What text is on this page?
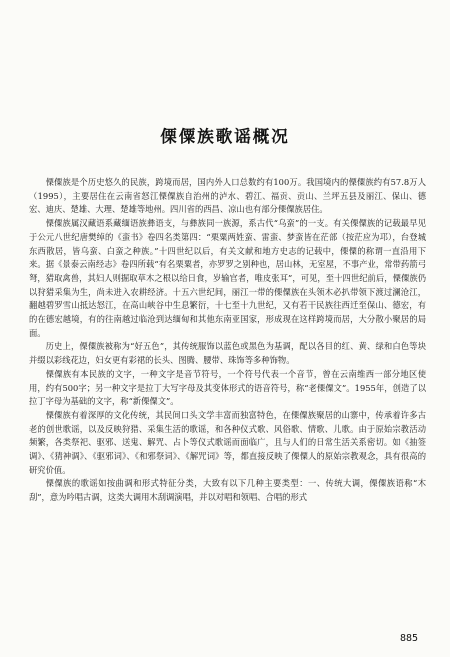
傈僳族歌谣概况

傈僳族是个历史悠久的民族，跨境而居，国内外人口总数约有100万。我国境内的傈僳族约有57.8万人（1995），主要居住在云南省怒江傈僳族自治州的泸水、碧江、福贡、贡山、兰坪五县及丽江、保山、德宏、迪庆、楚雄、大理、楚雄等地州。四川省的西昌、凉山也有部分傈僳族居住。

傈僳族属汉藏语系藏缅语族彝语支，与彝族同一族源，系古代“乌蛮”的一支。有关傈僳族的记载最早见于公元八世纪唐樊绰的《蛮书》卷四名类第四：“栗粟两姓蛮、雷蛮、梦蛮皆在茫部（按茫应为邛），台登城东西散居，皆乌蛮、白蛮之种族。”十四世纪以后，有关文献和地方史志的记载中，傈僳的称谓一直沿用下来。据《景泰云南经志》卷四所载“有名栗粟者，亦罗罗之别种也，居山林，无室屋，不事产业，常带药箭弓弩，猎取禽兽，其妇人则掘取草木之根以给日食，岁输官者，唯皮张耳”，可见，至十四世纪前后，傈僳族仍以狩猎采集为生，尚未进入农耕经济。十五六世纪间，丽江一带的傈僳族在头领木必扒带领下渡过澜沧江，翻越碧罗雪山抵达怒江，在高山峡谷中生息繁衍，十七至十九世纪，又有若干民族往西迁至保山、德宏，有的在德宏越境，有的往南越过临沧到达缅甸和其他东南亚国家，形成现在这样跨境而居，大分散小聚居的局面。

历史上，傈僳族被称为“好五色”，其传统服饰以蓝色或黑色为基调，配以各目的红、黄、绿和白色等块并缀以彩线花边，妇女更有彩裙的长头、图腾、腰带、珠饰等多种饰物。

傈僳族有本民族的文字，一种文字是音节符号，一个符号代表一个音节，曾在云南维西一部分地区使用，约有500字；另一种文字是拉丁大写字母及其变体形式的语音符号，称“老傈僳文”。1955年，创造了以拉丁字母为基础的文字，称“新傈僳文”。

傈僳族有着深厚的文化传统，其民间口头文学丰富而独富特色，在傈僳族聚居的山寨中，传承着许多古老的创世歌谣，以及反映狩猎、采集生活的歌谣，和各种仪式歌、风俗歌、情歌、儿歌。由于原始宗教活动频繁，各类祭祀、驱邪、送鬼、解咒、占卜等仪式歌谣而面临广，且与人们的日常生活关系密切。如《抽签调》、《猜神调》、《驱邪词》、《和邪祭词》、《解咒词》等，都直接反映了傈僳人的原始宗教观念，具有很高的研究价值。

傈僳族的歌谣如按曲调和形式特征分类，大致有以下几种主要类型：一、传统大调，傈僳族语称“木刮”，意为吟唱古调，这类大调用木刮调演唱，并以对唱和领唱、合唱的形式

885
